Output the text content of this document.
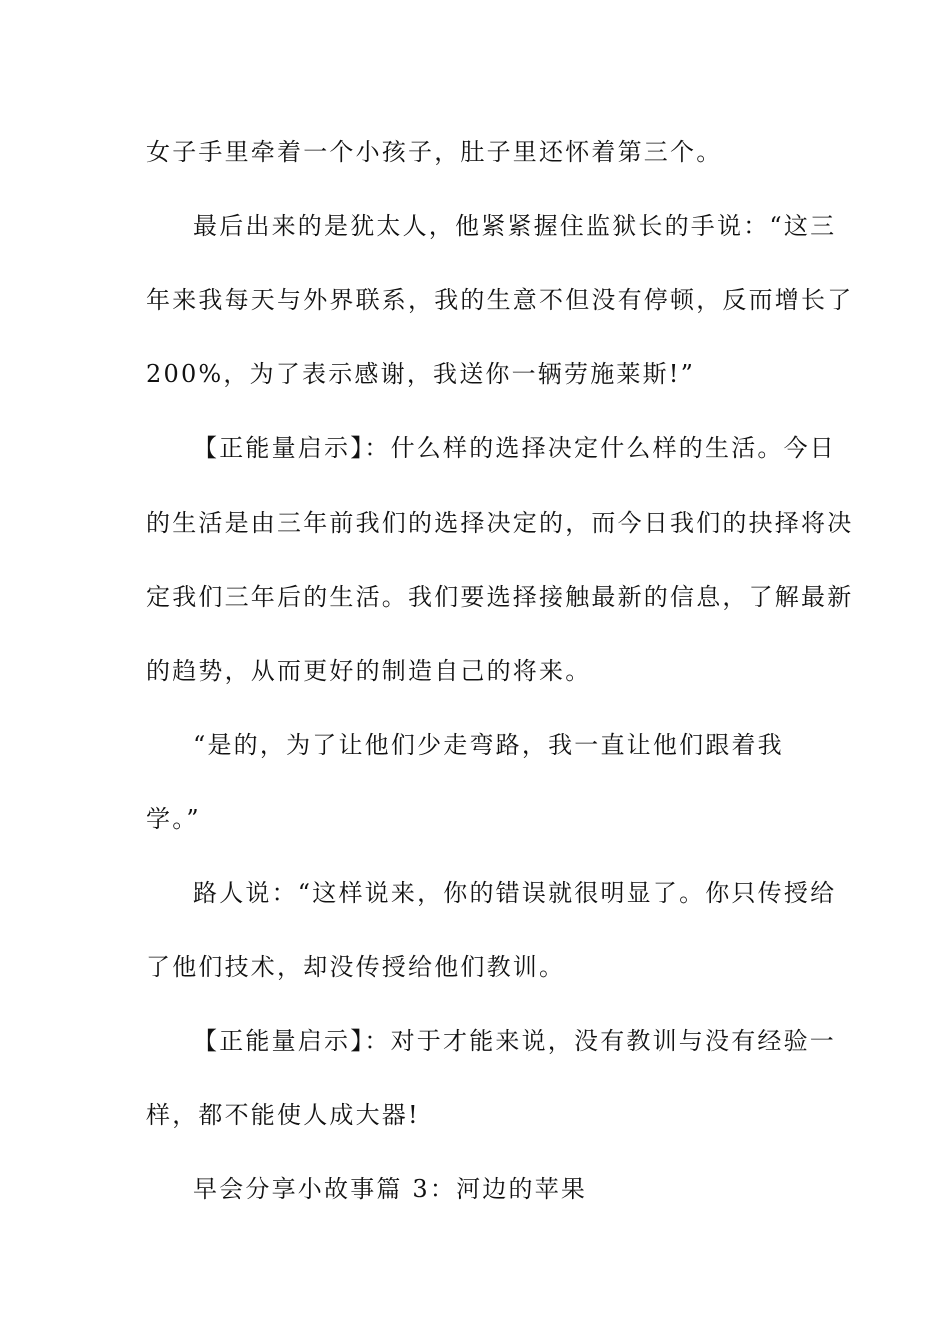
女子手里牵着一个小孩子，肚子里还怀着第三个。
最后出来的是犹太人，他紧紧握住监狱长的手说：“这三
年来我每天与外界联系，我的生意不但没有停顿，反而增长了
200%，为了表示感谢，我送你一辆劳施莱斯!”
【正能量启示】：什么样的选择决定什么样的生活。今日
的生活是由三年前我们的选择决定的，而今日我们的抉择将决
定我们三年后的生活。我们要选择接触最新的信息，了解最新
的趋势，从而更好的制造自己的将来。
“是的，为了让他们少走弯路，我一直让他们跟着我
学。”
路人说：“这样说来，你的错误就很明显了。你只传授给
了他们技术，却没传授给他们教训。
【正能量启示】：对于才能来说，没有教训与没有经验一
样，都不能使人成大器!
早会分享小故事篇 3：河边的苹果
